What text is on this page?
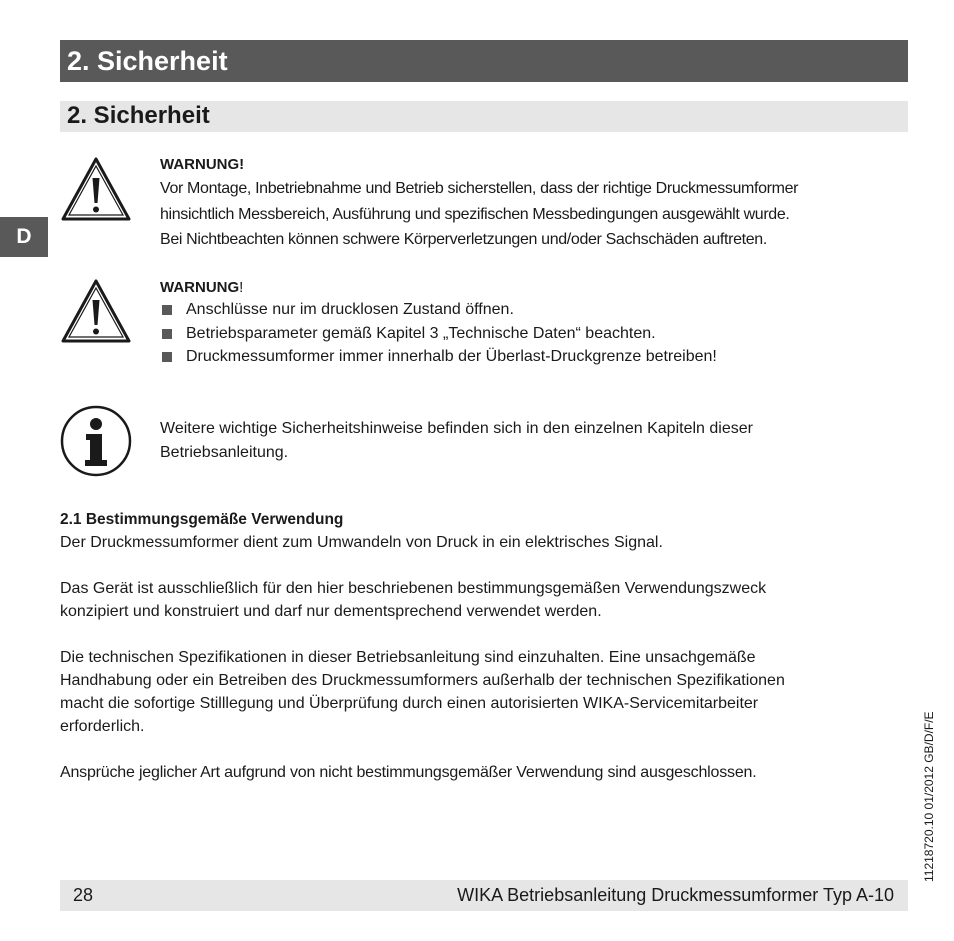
2. Sicherheit
2. Sicherheit
D
WARNUNG!
Vor Montage, Inbetriebnahme und Betrieb sicherstellen, dass der richtige Druckmessumformer
hinsichtlich Messbereich, Ausführung und spezifischen Messbedingungen ausgewählt wurde.
Bei Nichtbeachten können schwere Körperverletzungen und/oder Sachschäden auftreten.
WARNUNG!
Anschlüsse nur im drucklosen Zustand öffnen.
Betriebsparameter gemäß Kapitel 3 „Technische Daten“ beachten.
Druckmessumformer immer innerhalb der Überlast-Druckgrenze betreiben!
Weitere wichtige Sicherheitshinweise befinden sich in den einzelnen Kapiteln dieser
Betriebsanleitung.
2.1 Bestimmungsgemäße Verwendung
Der Druckmessumformer dient zum Umwandeln von Druck in ein elektrisches Signal.
Das Gerät ist ausschließlich für den hier beschriebenen bestimmungsgemäßen Verwendungszweck
konzipiert und konstruiert und darf nur dementsprechend verwendet werden.
Die technischen Spezifikationen in dieser Betriebsanleitung sind einzuhalten. Eine unsachgemäße
Handhabung oder ein Betreiben des Druckmessumformers außerhalb der technischen Spezifikationen
macht die sofortige Stilllegung und Überprüfung durch einen autorisierten WIKA-Servicemitarbeiter
erforderlich.
Ansprüche jeglicher Art aufgrund von nicht bestimmungsgemäßer Verwendung sind ausgeschlossen.	11218720.10 01/2012 GB/D/F/E
28	WIKA Betriebsanleitung Druckmessumformer Typ A-10
